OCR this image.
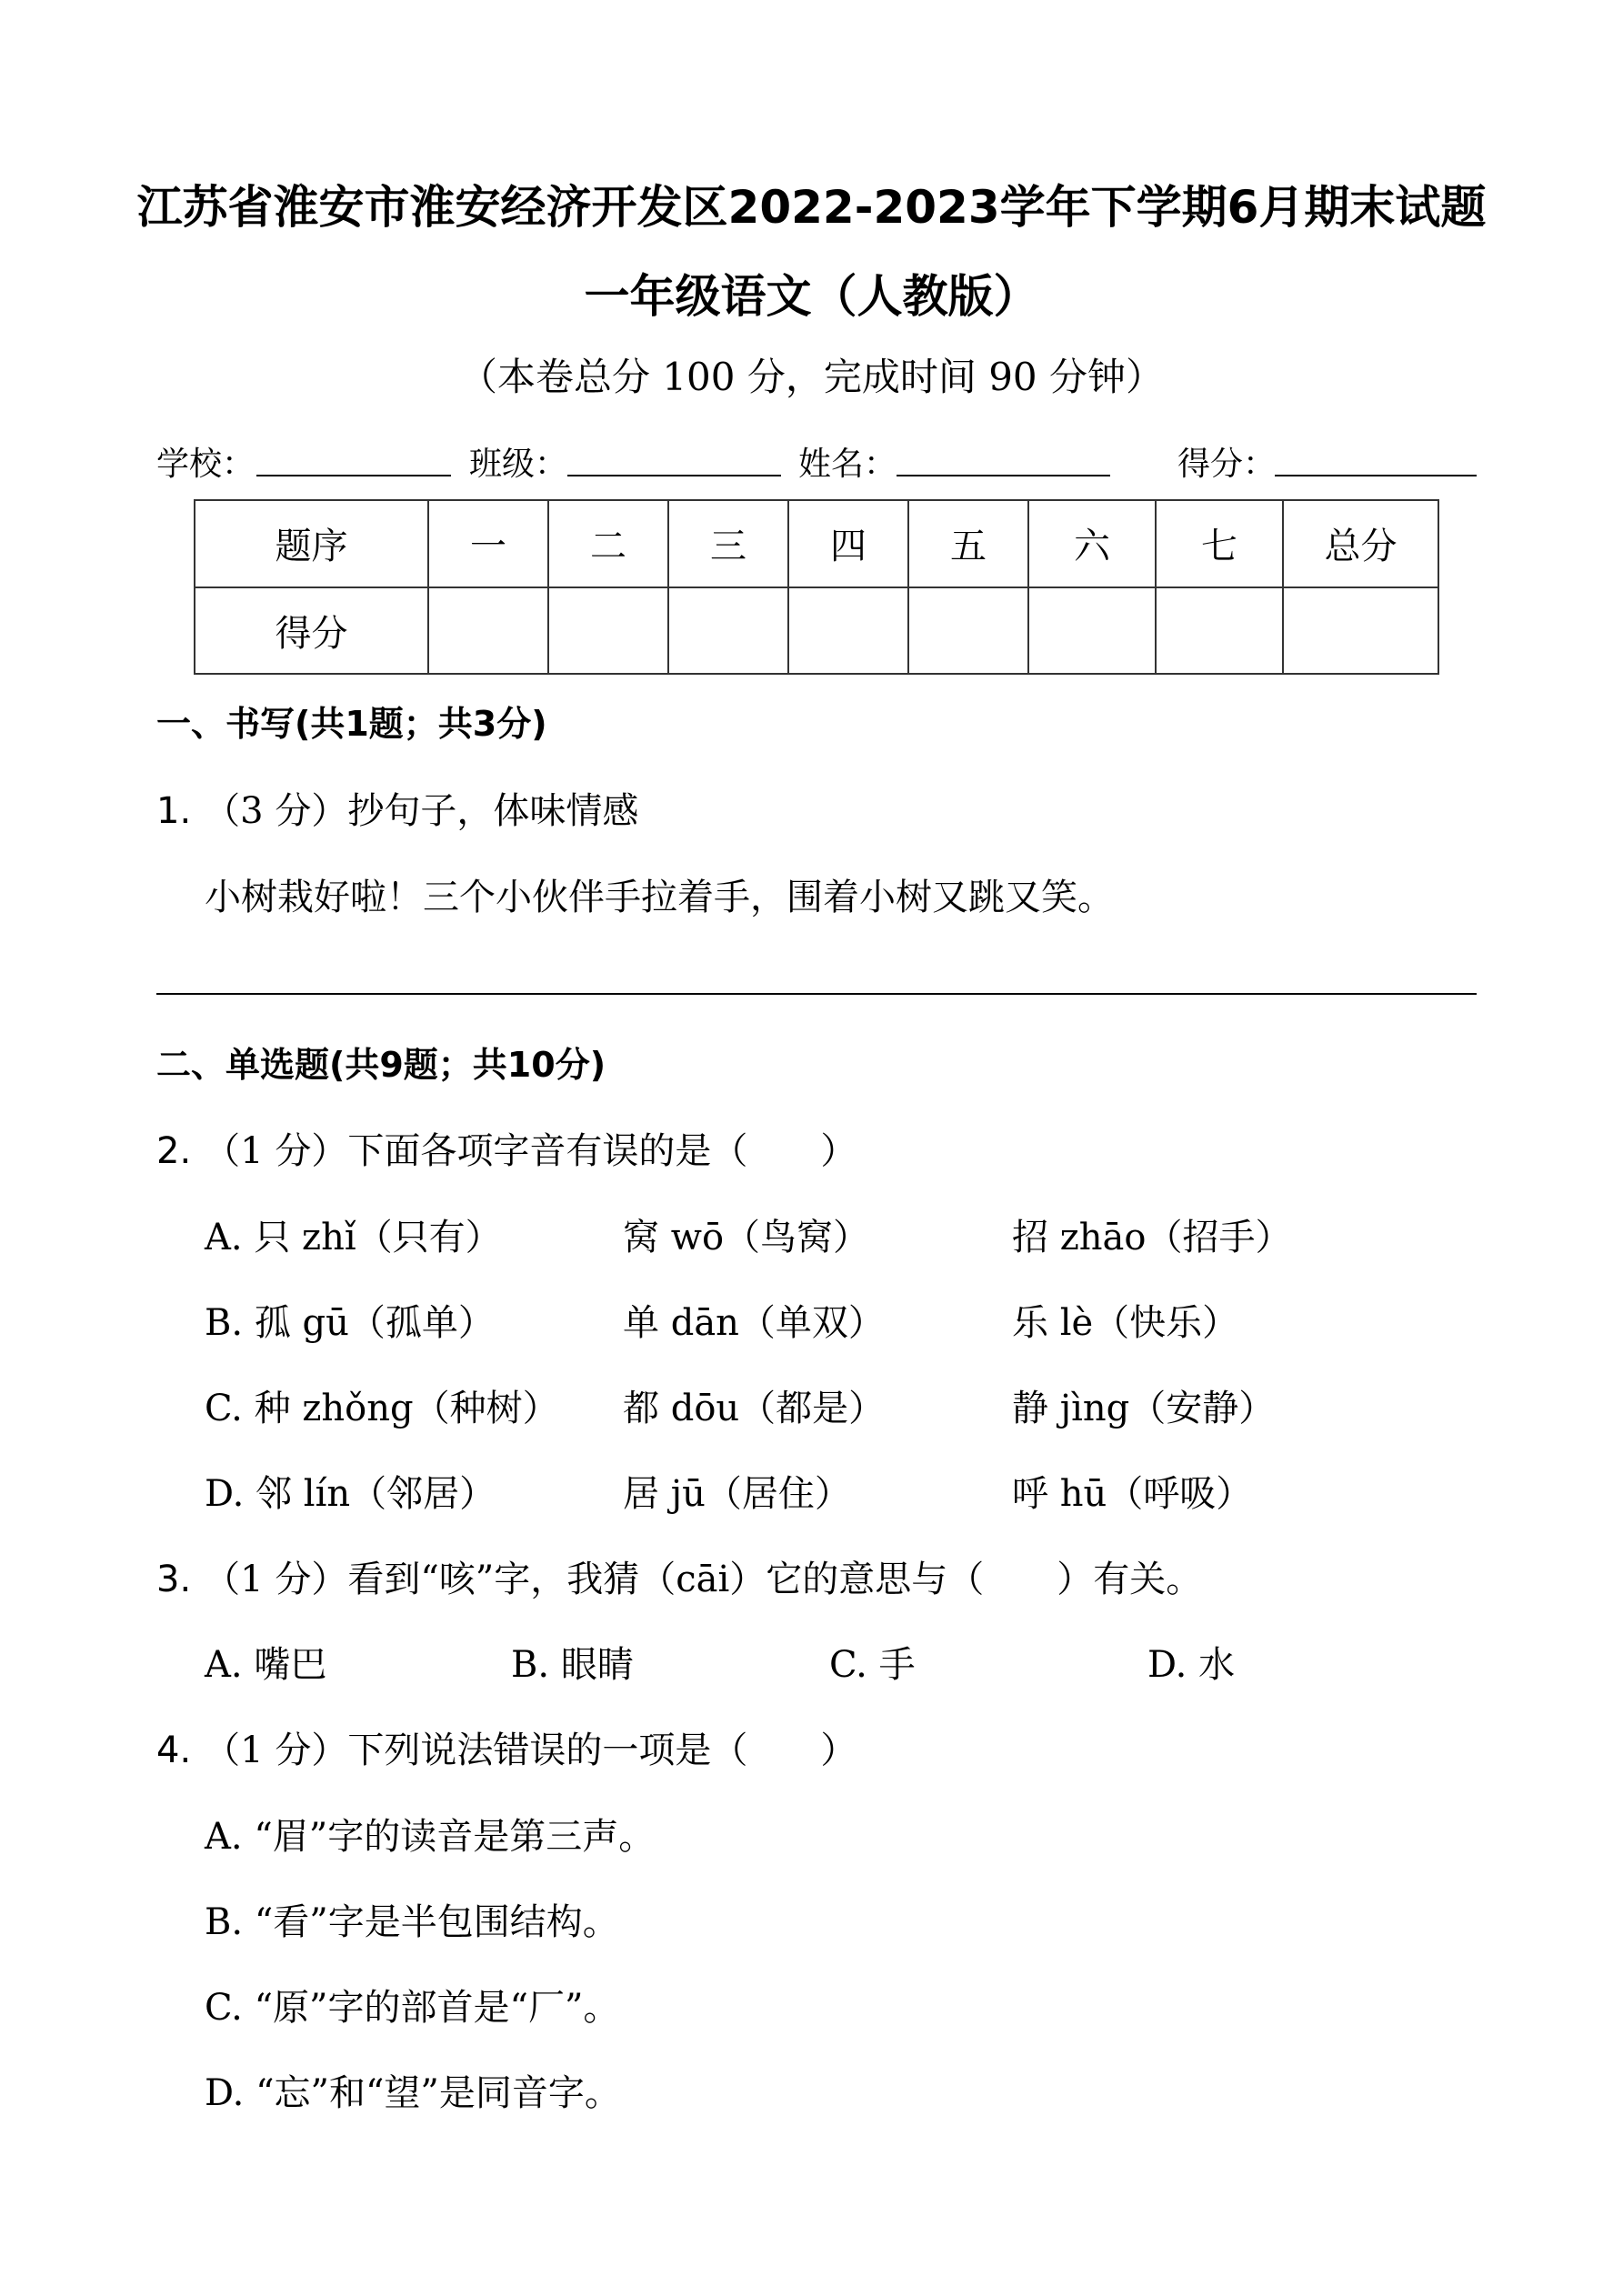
江苏省淮安市淮安经济开发区2022-2023学年下学期6月期末试题
一年级语文（人教版）
（本卷总分 100 分，完成时间 90 分钟）
学校：	班级：	姓名：	得分：
题序	一	二	三	四	五	六	七	总分
得分								
一、书写(共1题；共3分)
1. （3 分）抄句子，体味情感
小树栽好啦！三个小伙伴手拉着手，围着小树又跳又笑。
二、单选题(共9题；共10分)
2. （1 分）下面各项字音有误的是（　　）
A. 只 zhǐ（只有）	窝 wō（鸟窝）	招 zhāo（招手）
B. 孤 gū（孤单）	单 dān（单双）	乐 lè（快乐）
C. 种 zhǒng（种树） 都 dōu（都是）	静 jìng（安静）
D. 邻 lín（邻居）	居 jū（居住）	呼 hū（呼吸）
3. （1 分）看到“咳”字，我猜（cāi）它的意思与（　　）有关。
A. 嘴巴	B. 眼睛	C. 手	D. 水
4. （1 分）下列说法错误的一项是（　　）
A. “眉”字的读音是第三声。
B. “看”字是半包围结构。
C. “原”字的部首是“厂”。
D. “忘”和“望”是同音字。
